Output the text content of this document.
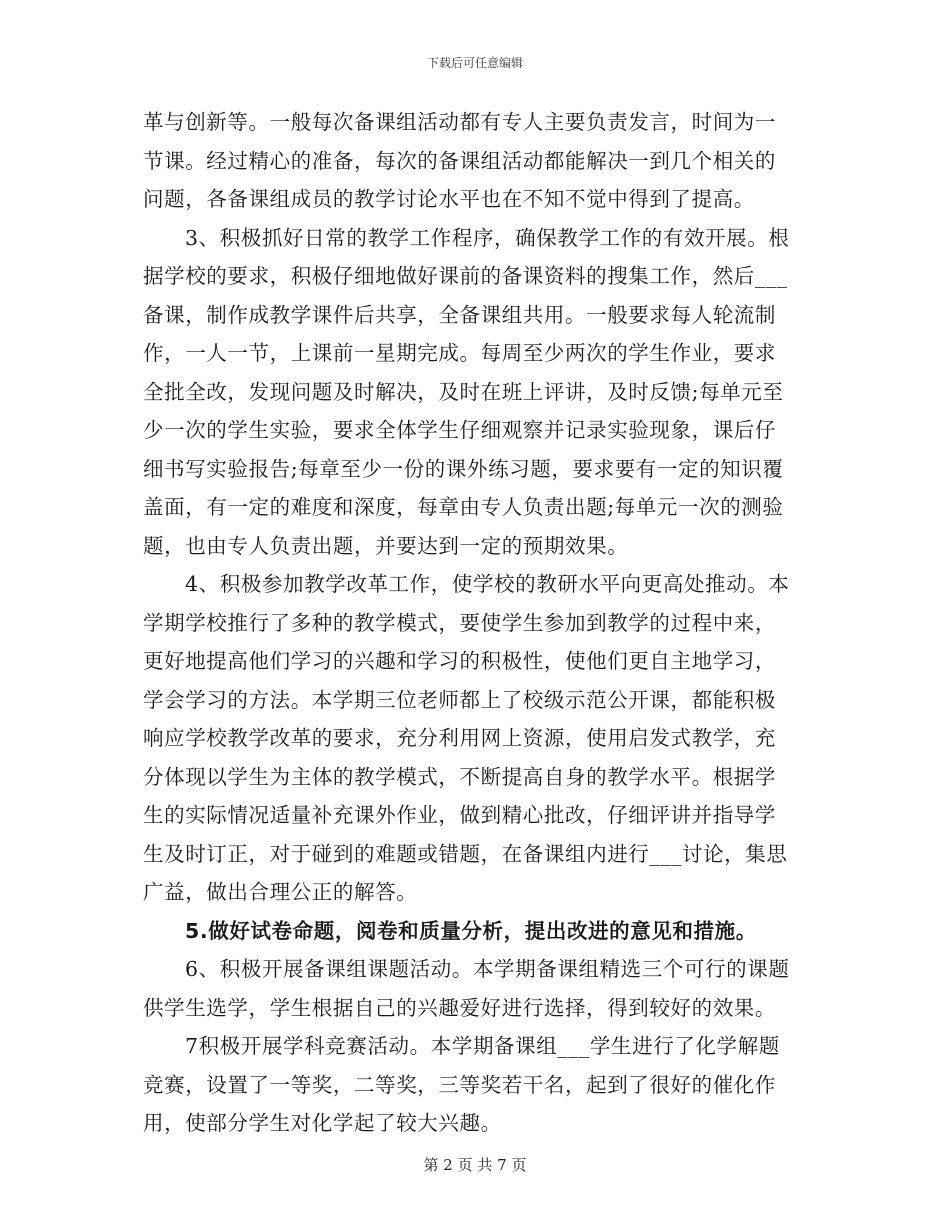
下载后可任意编辑
革与创新等。一般每次备课组活动都有专人主要负责发言，时间为一
节课。经过精心的准备，每次的备课组活动都能解决一到几个相关的
问题，各备课组成员的教学讨论水平也在不知不觉中得到了提高。
3、积极抓好日常的教学工作程序，确保教学工作的有效开展。根
据学校的要求，积极仔细地做好课前的备课资料的搜集工作，然后___
备课，制作成教学课件后共享，全备课组共用。一般要求每人轮流制
作，一人一节，上课前一星期完成。每周至少两次的学生作业，要求
全批全改，发现问题及时解决，及时在班上评讲，及时反馈;每单元至
少一次的学生实验，要求全体学生仔细观察并记录实验现象，课后仔
细书写实验报告;每章至少一份的课外练习题，要求要有一定的知识覆
盖面，有一定的难度和深度，每章由专人负责出题;每单元一次的测验
题，也由专人负责出题，并要达到一定的预期效果。
4、积极参加教学改革工作，使学校的教研水平向更高处推动。本
学期学校推行了多种的教学模式，要使学生参加到教学的过程中来，
更好地提高他们学习的兴趣和学习的积极性，使他们更自主地学习，
学会学习的方法。本学期三位老师都上了校级示范公开课，都能积极
响应学校教学改革的要求，充分利用网上资源，使用启发式教学，充
分体现以学生为主体的教学模式，不断提高自身的教学水平。根据学
生的实际情况适量补充课外作业，做到精心批改，仔细评讲并指导学
生及时订正，对于碰到的难题或错题，在备课组内进行___讨论，集思
广益，做出合理公正的解答。
5.做好试卷命题，阅卷和质量分析，提出改进的意见和措施。
6、积极开展备课组课题活动。本学期备课组精选三个可行的课题
供学生选学，学生根据自己的兴趣爱好进行选择，得到较好的效果。
7积极开展学科竞赛活动。本学期备课组___学生进行了化学解题
竞赛，设置了一等奖，二等奖，三等奖若干名，起到了很好的催化作
用，使部分学生对化学起了较大兴趣。
第 2 页 共 7 页
